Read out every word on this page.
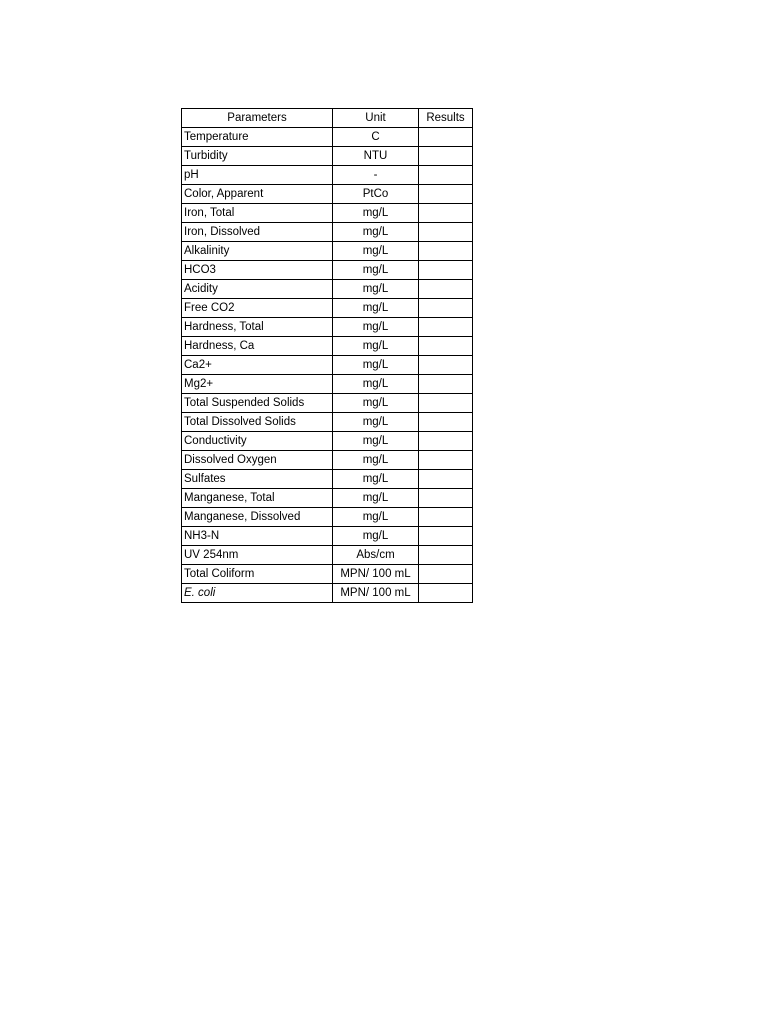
Parameters	Unit	Results
Temperature	C	
Turbidity	NTU	
pH	-	
Color, Apparent	PtCo	
Iron, Total	mg/L	
Iron, Dissolved	mg/L	
Alkalinity	mg/L	
HCO3	mg/L	
Acidity	mg/L	
Free CO2	mg/L	
Hardness, Total	mg/L	
Hardness, Ca	mg/L	
Ca2+	mg/L	
Mg2+	mg/L	
Total Suspended Solids	mg/L	
Total Dissolved Solids	mg/L	
Conductivity	mg/L	
Dissolved Oxygen	mg/L	
Sulfates	mg/L	
Manganese, Total	mg/L	
Manganese, Dissolved	mg/L	
NH3-N	mg/L	
UV 254nm	Abs/cm	
Total Coliform	MPN/ 100 mL	
E. coli	MPN/ 100 mL	
